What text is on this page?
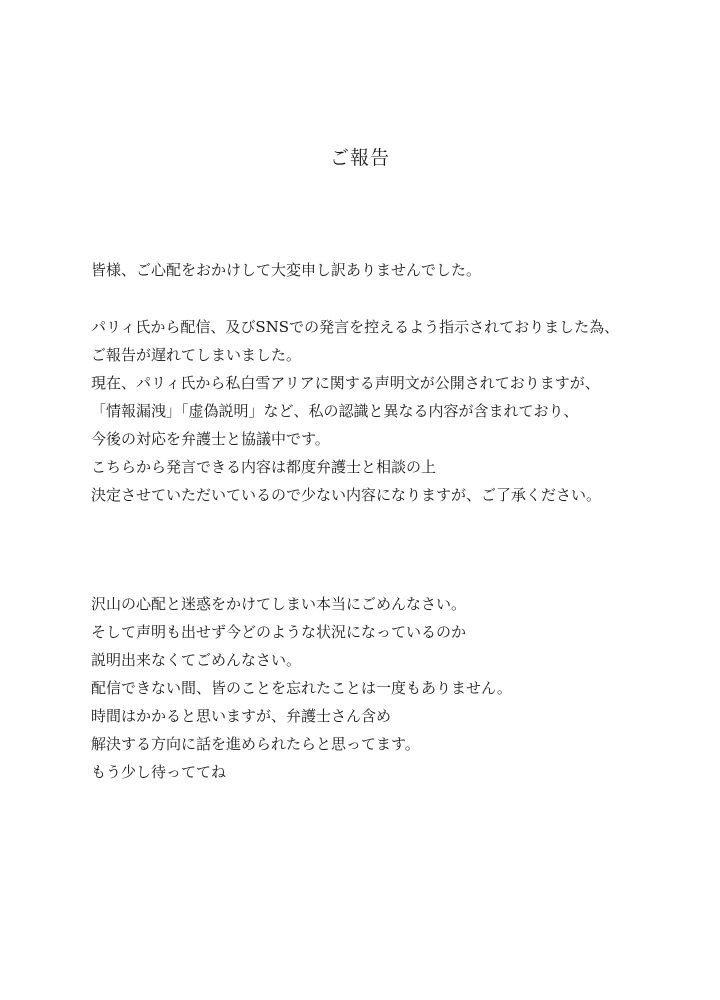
ご報告
皆様、ご心配をおかけして大変申し訳ありませんでした。
パリィ氏から配信、及びSNSでの発言を控えるよう指示されておりました為、
ご報告が遅れてしまいました。
現在、パリィ氏から私白雪アリアに関する声明文が公開されておりますが、
「情報漏洩」「虚偽説明」など、私の認識と異なる内容が含まれており、
今後の対応を弁護士と協議中です。
こちらから発言できる内容は都度弁護士と相談の上
決定させていただいているので少ない内容になりますが、ご了承ください。
沢山の心配と迷惑をかけてしまい本当にごめんなさい。
そして声明も出せず今どのような状況になっているのか
説明出来なくてごめんなさい。
配信できない間、皆のことを忘れたことは一度もありません。
時間はかかると思いますが、弁護士さん含め
解決する方向に話を進められたらと思ってます。
もう少し待っててね
